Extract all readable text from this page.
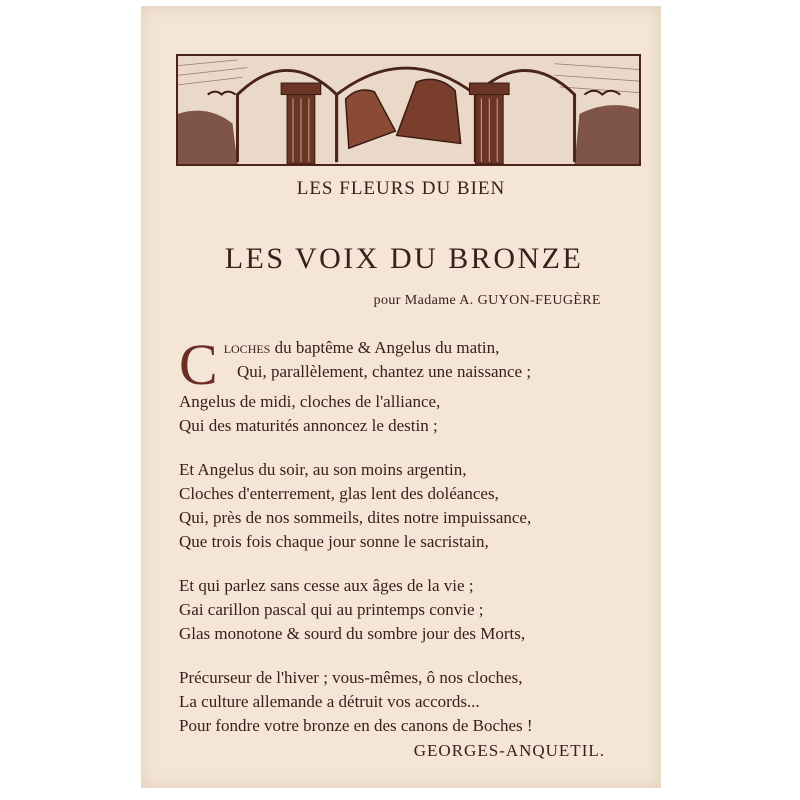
LES FLEURS DU BIEN
LES VOIX DU BRONZE
pour Madame A. GUYON-FEUGÈRE
C loches du baptême & Angelus du matin,
Qui, parallèlement, chantez une naissance ;
Angelus de midi, cloches de l'alliance,
Qui des maturités annoncez le destin ;
Et Angelus du soir, au son moins argentin,
Cloches d'enterrement, glas lent des doléances,
Qui, près de nos sommeils, dites notre impuissance,
Que trois fois chaque jour sonne le sacristain,
Et qui parlez sans cesse aux âges de la vie ;
Gai carillon pascal qui au printemps convie ;
Glas monotone & sourd du sombre jour des Morts,
Précurseur de l'hiver ; vous-mêmes, ô nos cloches,
La culture allemande a détruit vos accords...
Pour fondre votre bronze en des canons de Boches !
GEORGES-ANQUETIL.
